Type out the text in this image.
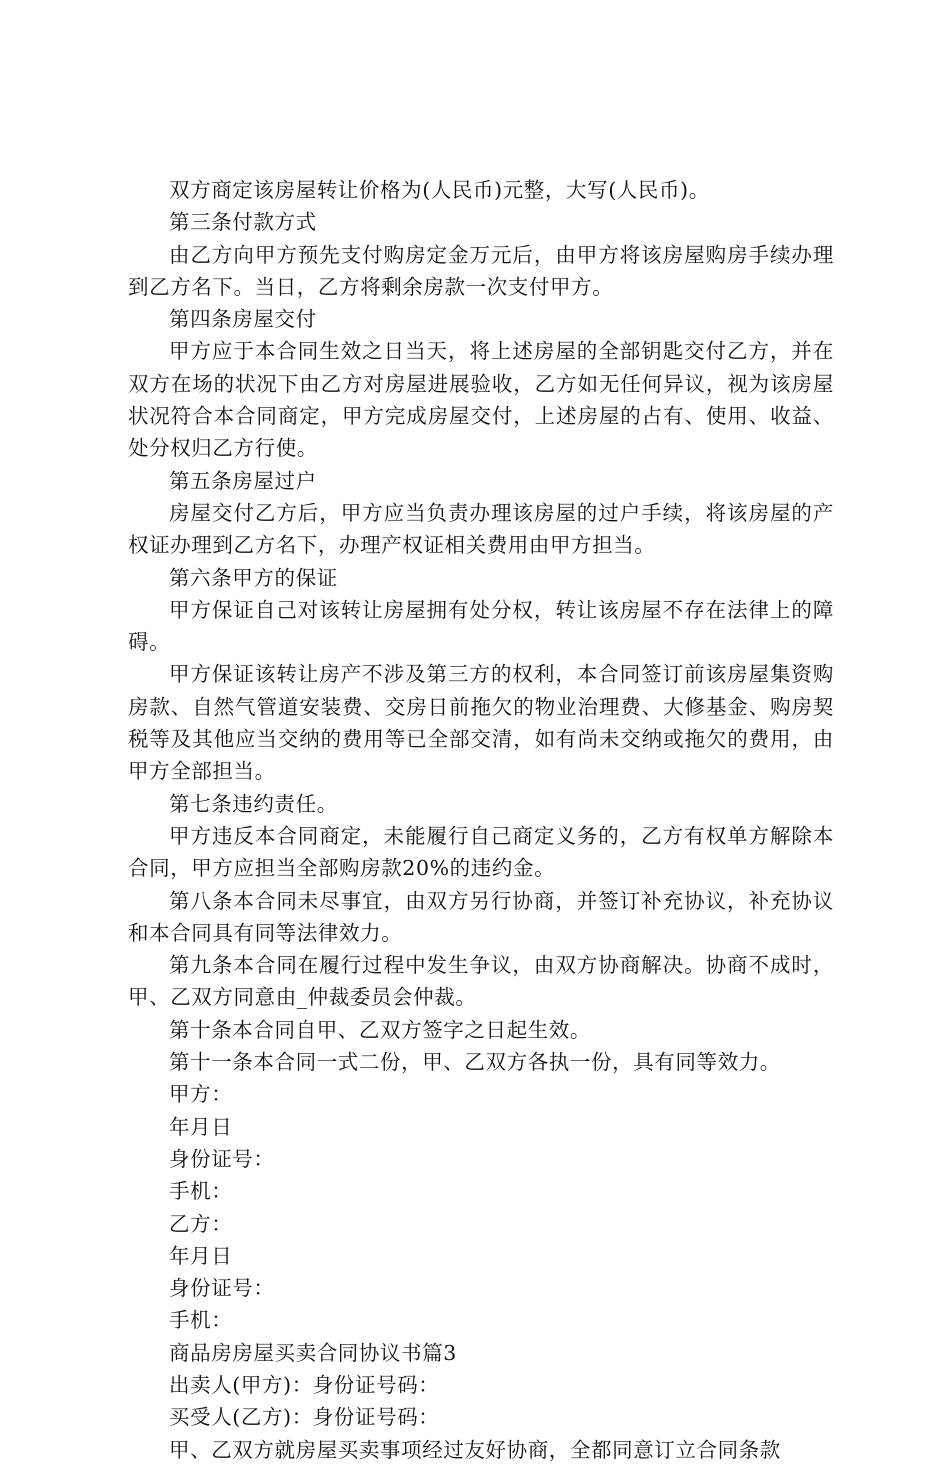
双方商定该房屋转让价格为(人民币)元整，大写(人民币)。

第三条付款方式

由乙方向甲方预先支付购房定金万元后，由甲方将该房屋购房手续办理到乙方名下。当日，乙方将剩余房款一次支付甲方。

第四条房屋交付

甲方应于本合同生效之日当天，将上述房屋的全部钥匙交付乙方，并在双方在场的状况下由乙方对房屋进展验收，乙方如无任何异议，视为该房屋状况符合本合同商定，甲方完成房屋交付，上述房屋的占有、使用、收益、处分权归乙方行使。

第五条房屋过户

房屋交付乙方后，甲方应当负责办理该房屋的过户手续，将该房屋的产权证办理到乙方名下，办理产权证相关费用由甲方担当。

第六条甲方的保证

甲方保证自己对该转让房屋拥有处分权，转让该房屋不存在法律上的障碍。

甲方保证该转让房产不涉及第三方的权利，本合同签订前该房屋集资购房款、自然气管道安装费、交房日前拖欠的物业治理费、大修基金、购房契税等及其他应当交纳的费用等已全部交清，如有尚未交纳或拖欠的费用，由甲方全部担当。

第七条违约责任。

甲方违反本合同商定，未能履行自己商定义务的，乙方有权单方解除本合同，甲方应担当全部购房款20%的违约金。

第八条本合同未尽事宜，由双方另行协商，并签订补充协议，补充协议和本合同具有同等法律效力。

第九条本合同在履行过程中发生争议，由双方协商解决。协商不成时，甲、乙双方同意由_仲裁委员会仲裁。

第十条本合同自甲、乙双方签字之日起生效。

第十一条本合同一式二份，甲、乙双方各执一份，具有同等效力。

甲方：

年月日

身份证号：

手机：

乙方：

年月日

身份证号：

手机：

商品房房屋买卖合同协议书篇3

出卖人(甲方)：身份证号码：

买受人(乙方)：身份证号码：

甲、乙双方就房屋买卖事项经过友好协商，全都同意订立合同条款
